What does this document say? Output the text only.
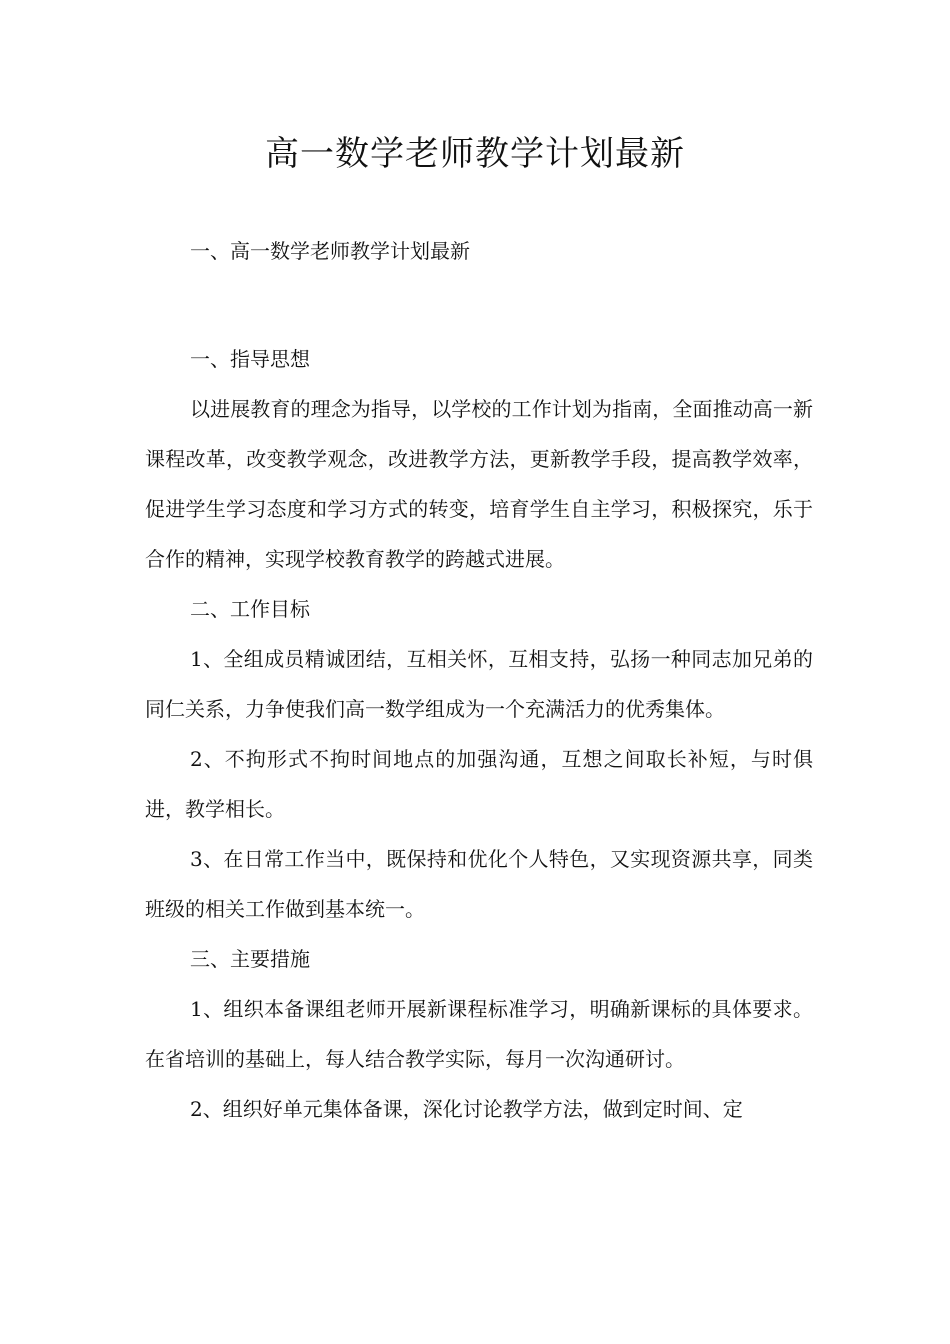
高一数学老师教学计划最新
一、高一数学老师教学计划最新

一、指导思想

以进展教育的理念为指导，以学校的工作计划为指南，全面推动高一新课程改革，改变教学观念，改进教学方法，更新教学手段，提高教学效率，促进学生学习态度和学习方式的转变，培育学生自主学习，积极探究，乐于合作的精神，实现学校教育教学的跨越式进展。

二、工作目标

1、全组成员精诚团结，互相关怀，互相支持，弘扬一种同志加兄弟的同仁关系，力争使我们高一数学组成为一个充满活力的优秀集体。

2、不拘形式不拘时间地点的加强沟通，互想之间取长补短，与时俱进，教学相长。

3、在日常工作当中，既保持和优化个人特色，又实现资源共享，同类班级的相关工作做到基本统一。

三、主要措施

1、组织本备课组老师开展新课程标准学习，明确新课标的具体要求。在省培训的基础上，每人结合教学实际，每月一次沟通研讨。

2、组织好单元集体备课，深化讨论教学方法，做到定时间、定
